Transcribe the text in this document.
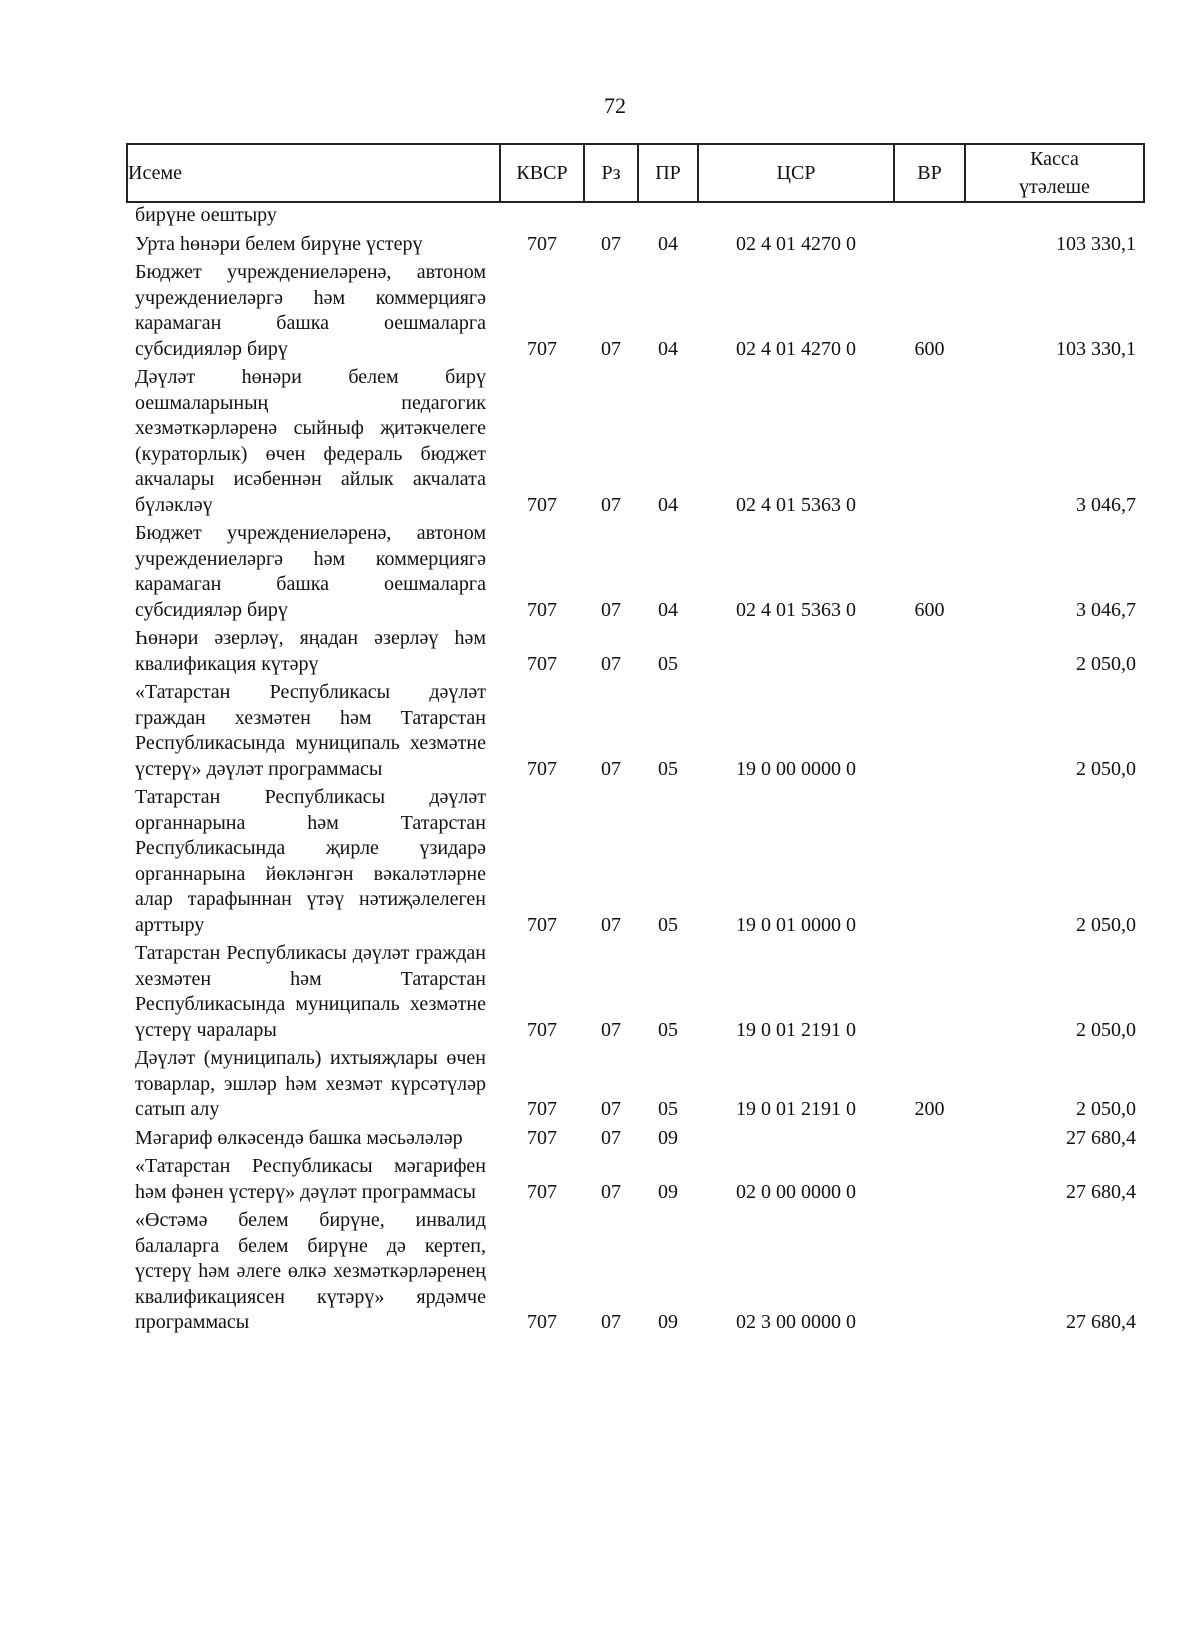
72
Исеме	КВСР	Рз	ПР	ЦСР	ВР	Касса үтәлеше
бирүне оештыру						
Урта һөнәри белем бирүне үстерү	707	07	04	02 4 01 4270 0		103 330,1
Бюджет учреждениеләренә, автоном учреждениеләргә һәм коммерциягә карамаган башка оешмаларга субсидияләр бирү	707	07	04	02 4 01 4270 0	600	103 330,1
Дәүләт һөнәри белем бирү оешмаларының педагогик хезмәткәрләренә сыйныф җитәкчелеге (кураторлык) өчен федераль бюджет акчалары исәбеннән айлык акчалата бүләкләү	707	07	04	02 4 01 5363 0		3 046,7
Бюджет учреждениеләренә, автоном учреждениеләргә һәм коммерциягә карамаган башка оешмаларга субсидияләр бирү	707	07	04	02 4 01 5363 0	600	3 046,7
Һөнәри әзерләү, яңадан әзерләү һәм квалификация күтәрү	707	07	05			2 050,0
«Татарстан Республикасы дәүләт граждан хезмәтен һәм Татарстан Республикасында муниципаль хезмәтне үстерү» дәүләт программасы	707	07	05	19 0 00 0000 0		2 050,0
Татарстан Республикасы дәүләт органнарына һәм Татарстан Республикасында җирле үзидарә органнарына йөкләнгән вәкаләтләрне алар тарафыннан үтәү нәтиҗәлелеген арттыру	707	07	05	19 0 01 0000 0		2 050,0
Татарстан Республикасы дәүләт граждан хезмәтен һәм Татарстан Республикасында муниципаль хезмәтне үстерү чаралары	707	07	05	19 0 01 2191 0		2 050,0
Дәүләт (муниципаль) ихтыяҗлары өчен товарлар, эшләр һәм хезмәт күрсәтүләр сатып алу	707	07	05	19 0 01 2191 0	200	2 050,0
Мәгариф өлкәсендә башка мәсьәләләр	707	07	09			27 680,4
«Татарстан Республикасы мәгарифен һәм фәнен үстерү» дәүләт программасы	707	07	09	02 0 00 0000 0		27 680,4
«Өстәмә белем бирүне, инвалид балаларга белем бирүне дә кертеп, үстерү һәм әлеге өлкә хезмәткәрләренең квалификациясен күтәрү» ярдәмче программасы	707	07	09	02 3 00 0000 0		27 680,4
